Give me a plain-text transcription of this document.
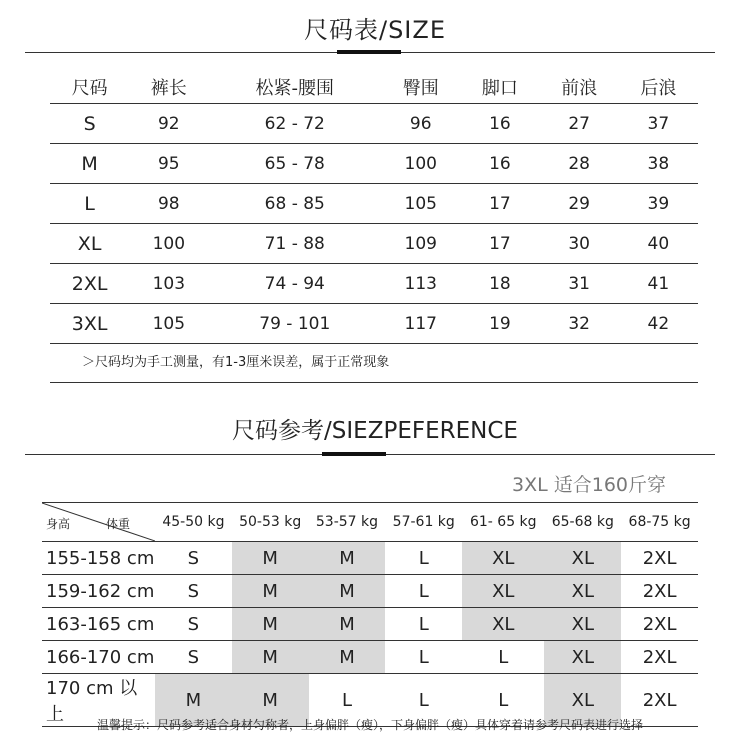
尺码表/SIZE
尺码	裤长	松紧-腰围	臀围	脚口	前浪	后浪
S	92	62 - 72	96	16	27	37
M	95	65 - 78	100	16	28	38
L	98	68 - 85	105	17	29	39
XL	100	71 - 88	109	17	30	40
2XL	103	74 - 94	113	18	31	41
3XL	105	79 - 101	117	19	32	42
＞尺码均为手工测量，有1-3厘米误差，属于正常现象
尺码参考/SIEZPEFERENCE
3XL 适合160斤穿
身高 体重	45-50 kg	50-53 kg	53-57 kg	57-61 kg	61- 65 kg	65-68 kg	68-75 kg
155-158 cm	S	M	M	L	XL	XL	2XL
159-162 cm	S	M	M	L	XL	XL	2XL
163-165 cm	S	M	M	L	XL	XL	2XL
166-170 cm	S	M	M	L	L	XL	2XL
170 cm 以上	M	M	L	L	L	XL	2XL
温馨提示：尺码参考适合身材匀称者，上身偏胖（瘦），下身偏胖（瘦）具体穿着请参考尺码表进行选择
